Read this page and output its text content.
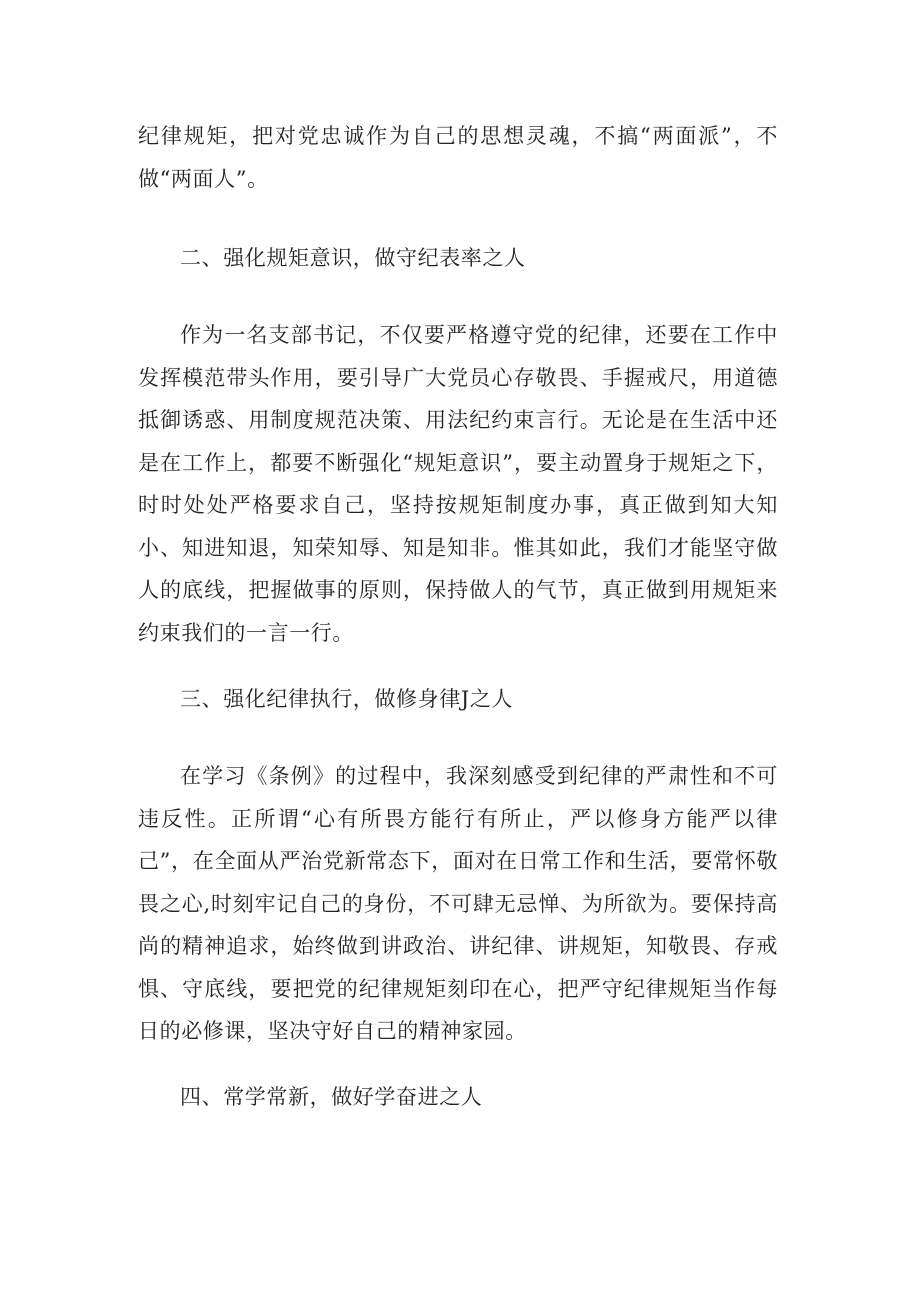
纪律规矩，把对党忠诚作为自己的思想灵魂，不搞“两面派”，不做“两面人”。

二、强化规矩意识，做守纪表率之人

作为一名支部书记，不仅要严格遵守党的纪律，还要在工作中发挥模范带头作用，要引导广大党员心存敬畏、手握戒尺，用道德抵御诱惑、用制度规范决策、用法纪约束言行。无论是在生活中还是在工作上，都要不断强化“规矩意识”，要主动置身于规矩之下，时时处处严格要求自己，坚持按规矩制度办事，真正做到知大知小、知进知退，知荣知辱、知是知非。惟其如此，我们才能坚守做人的底线，把握做事的原则，保持做人的气节，真正做到用规矩来约束我们的一言一行。

三、强化纪律执行，做修身律J之人

在学习《条例》的过程中，我深刻感受到纪律的严肃性和不可违反性。正所谓“心有所畏方能行有所止，严以修身方能严以律己”，在全面从严治党新常态下，面对在日常工作和生活，要常怀敬畏之心,时刻牢记自己的身份，不可肆无忌惮、为所欲为。要保持高尚的精神追求，始终做到讲政治、讲纪律、讲规矩，知敬畏、存戒惧、守底线，要把党的纪律规矩刻印在心，把严守纪律规矩当作每日的必修课，坚决守好自己的精神家园。

四、常学常新，做好学奋进之人
